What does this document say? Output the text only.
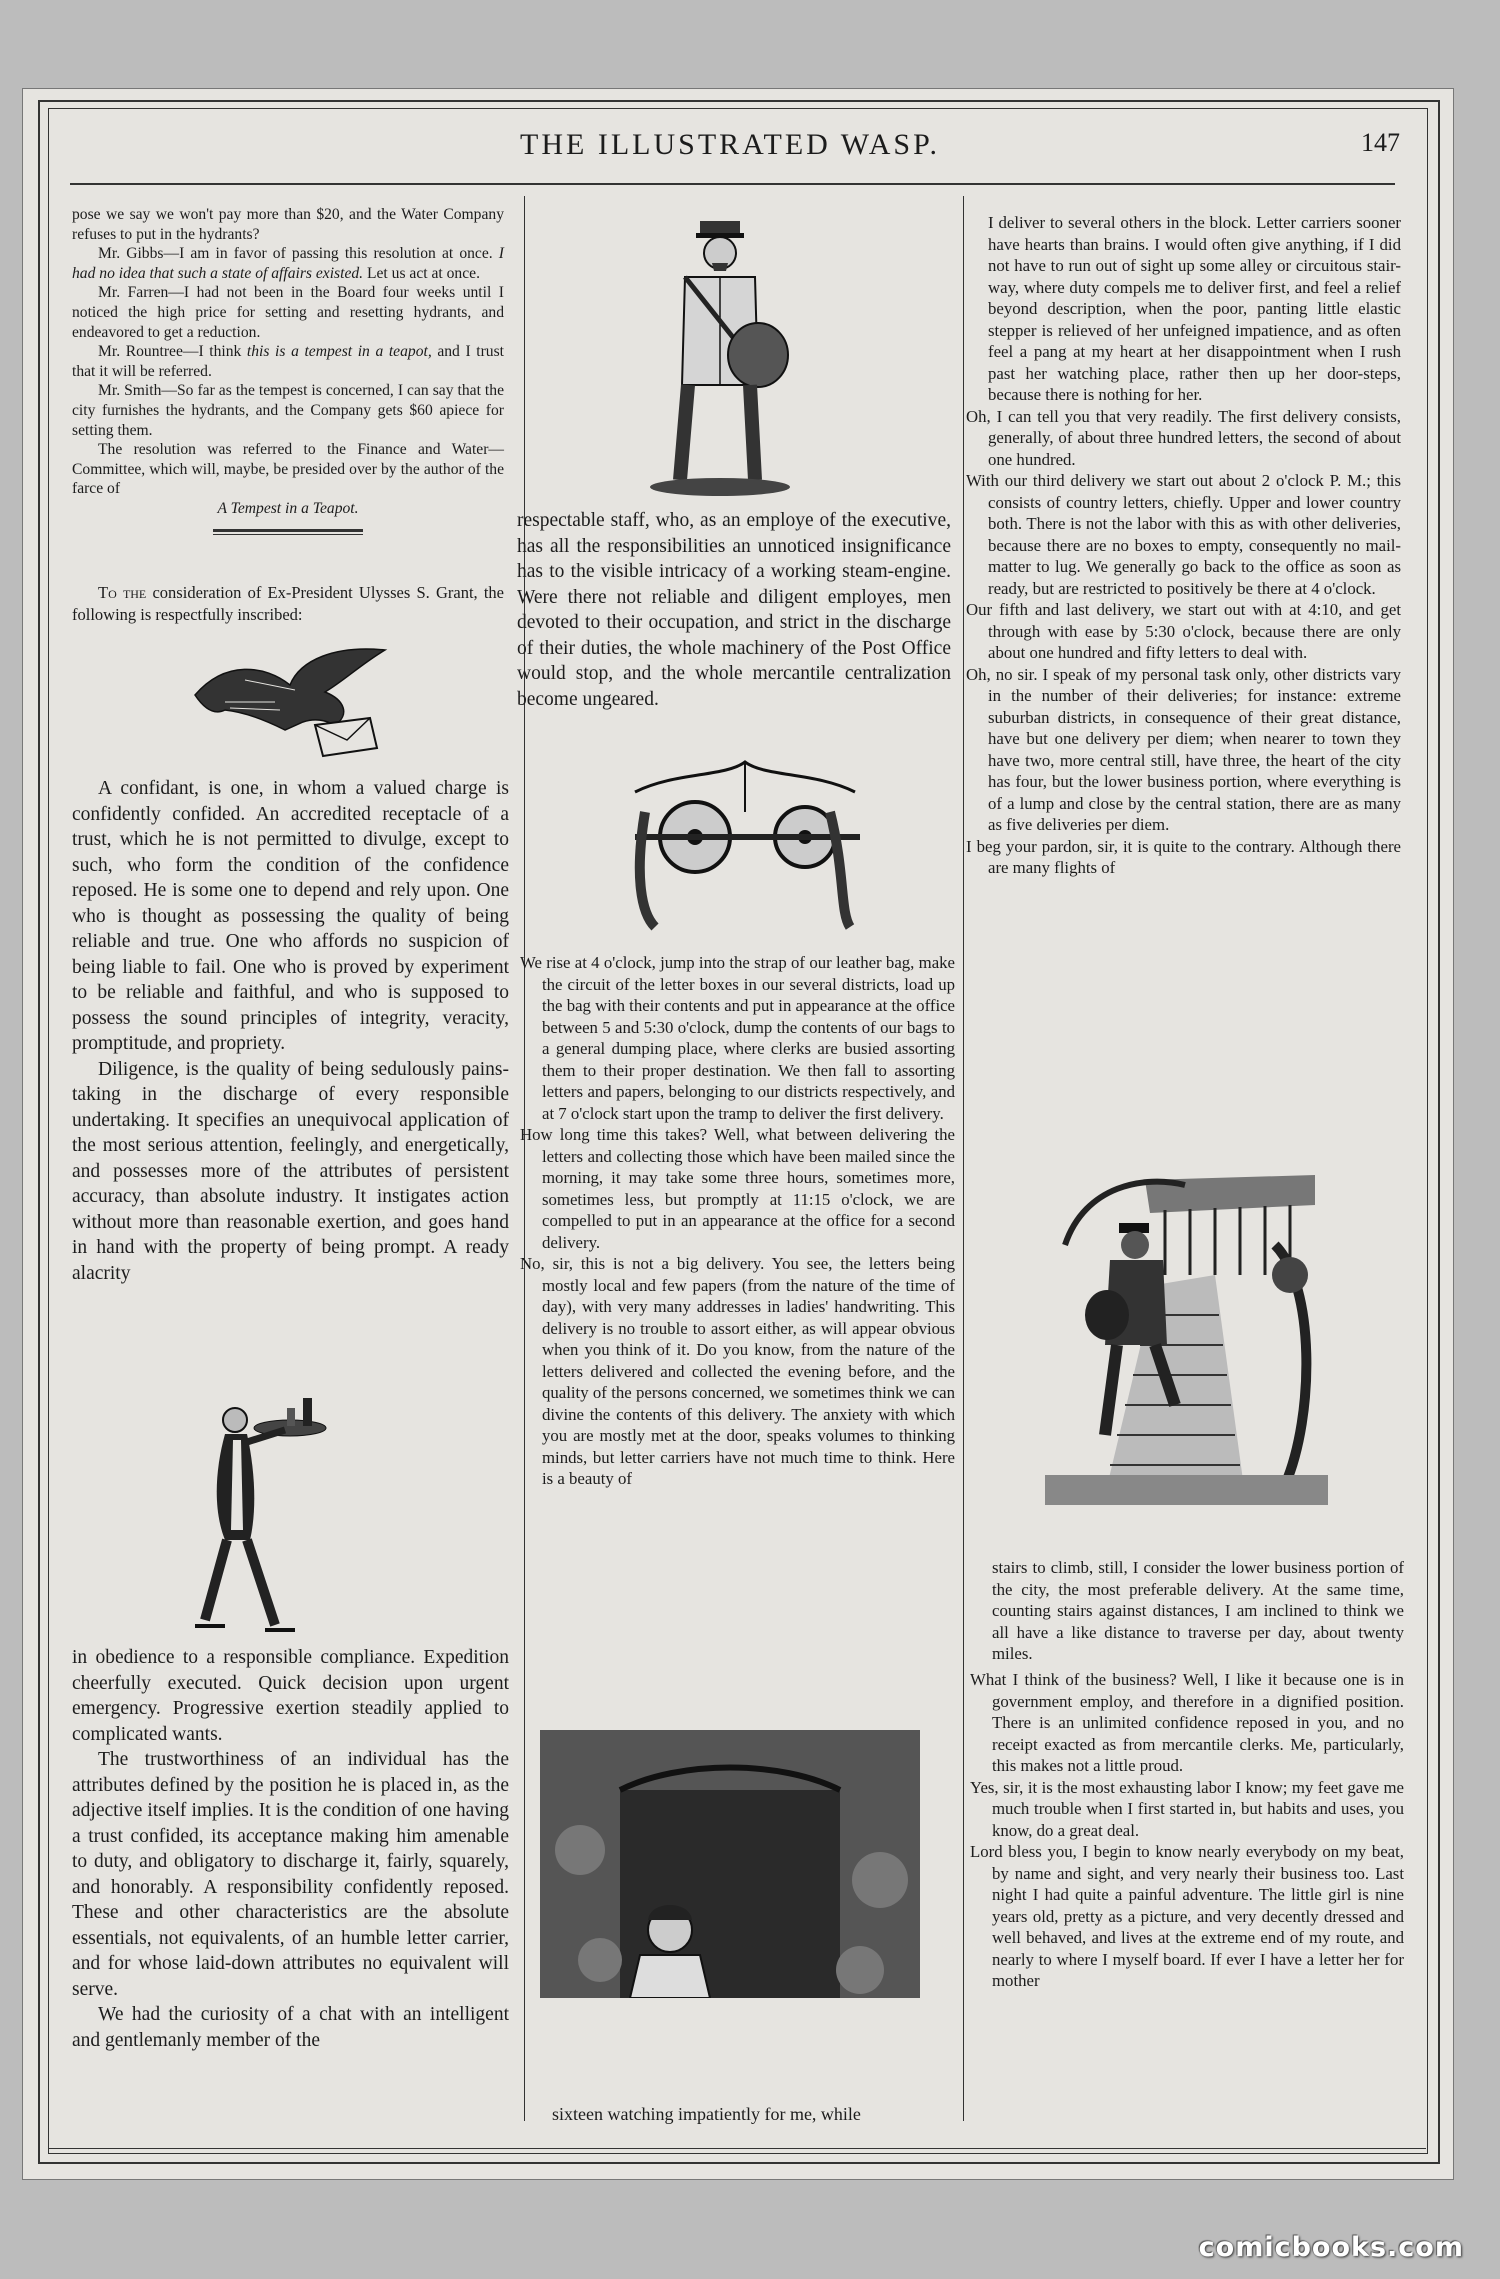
THE ILLUSTRATED WASP.	147

pose we say we won't pay more than $20, and the Water Company refuses to put in the hydrants?

Mr. Gibbs—I am in favor of passing this resolution at once. I had no idea that such a state of affairs existed. Let us act at once.

Mr. Farren—I had not been in the Board four weeks until I noticed the high price for setting and resetting hydrants, and endeavored to get a reduction.

Mr. Rountree—I think this is a tempest in a teapot, and I trust that it will be referred.

Mr. Smith—So far as the tempest is concerned, I can say that the city furnishes the hydrants, and the Company gets $60 apiece for setting them.

The resolution was referred to the Finance and Water—Committee, which will, maybe, be presided over by the author of the farce of

A Tempest in a Teapot.

To the consideration of Ex-President Ulysses S. Grant, the following is respectfully inscribed:

A confidant, is one, in whom a valued charge is confidently confided. An accredited receptacle of a trust, which he is not permitted to divulge, except to such, who form the condition of the confidence reposed. He is some one to depend and rely upon. One who is thought as possessing the quality of being reliable and true. One who affords no suspicion of being liable to fail. One who is proved by experiment to be reliable and faithful, and who is supposed to possess the sound principles of integrity, veracity, promptitude, and propriety.

Diligence, is the quality of being sedulously pains-taking in the discharge of every responsible undertaking. It specifies an unequivocal application of the most serious attention, feelingly, and energetically, and possesses more of the attributes of persistent accuracy, than absolute industry. It instigates action without more than reasonable exertion, and goes hand in hand with the property of being prompt. A ready alacrity

in obedience to a responsible compliance. Expedition cheerfully executed. Quick decision upon urgent emergency. Progressive exertion steadily applied to complicated wants.

The trustworthiness of an individual has the attributes defined by the position he is placed in, as the adjective itself implies. It is the condition of one having a trust confided, its acceptance making him amenable to duty, and obligatory to discharge it, fairly, squarely, and honorably. A responsibility confidently reposed. These and other characteristics are the absolute essentials, not equivalents, of an humble letter carrier, and for whose laid-down attributes no equivalent will serve.

We had the curiosity of a chat with an intelligent and gentlemanly member of the

respectable staff, who, as an employe of the executive, has all the responsibilities an unnoticed insignificance has to the visible intricacy of a working steam-engine. Were there not reliable and diligent employes, men devoted to their occupation, and strict in the discharge of their duties, the whole machinery of the Post Office would stop, and the whole mercantile centralization become ungeared.

We rise at 4 o'clock, jump into the strap of our leather bag, make the circuit of the letter boxes in our several districts, load up the bag with their contents and put in appearance at the office between 5 and 5:30 o'clock, dump the contents of our bags to a general dumping place, where clerks are busied assorting them to their proper destination. We then fall to assorting letters and papers, belonging to our districts respectively, and at 7 o'clock start upon the tramp to deliver the first delivery.

How long time this takes? Well, what between delivering the letters and collecting those which have been mailed since the morning, it may take some three hours, sometimes more, sometimes less, but promptly at 11:15 o'clock, we are compelled to put in an appearance at the office for a second delivery.

No, sir, this is not a big delivery. You see, the letters being mostly local and few papers (from the nature of the time of day), with very many addresses in ladies' handwriting. This delivery is no trouble to assort either, as will appear obvious when you think of it. Do you know, from the nature of the letters delivered and collected the evening before, and the quality of the persons concerned, we sometimes think we can divine the contents of this delivery. The anxiety with which you are mostly met at the door, speaks volumes to thinking minds, but letter carriers have not much time to think. Here is a beauty of

sixteen watching impatiently for me, while

I deliver to several others in the block. Letter carriers sooner have hearts than brains. I would often give anything, if I did not have to run out of sight up some alley or circuitous stair-way, where duty compels me to deliver first, and feel a relief beyond description, when the poor, panting little elastic stepper is relieved of her unfeigned impatience, and as often feel a pang at my heart at her disappointment when I rush past her watching place, rather then up her door-steps, because there is nothing for her.

Oh, I can tell you that very readily. The first delivery consists, generally, of about three hundred letters, the second of about one hundred.

With our third delivery we start out about 2 o'clock P. M.; this consists of country letters, chiefly. Upper and lower country both. There is not the labor with this as with other deliveries, because there are no boxes to empty, consequently no mail-matter to lug. We generally go back to the office as soon as ready, but are restricted to positively be there at 4 o'clock.

Our fifth and last delivery, we start out with at 4:10, and get through with ease by 5:30 o'clock, because there are only about one hundred and fifty letters to deal with.

Oh, no sir. I speak of my personal task only, other districts vary in the number of their deliveries; for instance: extreme suburban districts, in consequence of their great distance, have but one delivery per diem; when nearer to town they have two, more central still, have three, the heart of the city has four, but the lower business portion, where everything is of a lump and close by the central station, there are as many as five deliveries per diem.

I beg your pardon, sir, it is quite to the contrary. Although there are many flights of

stairs to climb, still, I consider the lower business portion of the city, the most preferable delivery. At the same time, counting stairs against distances, I am inclined to think we all have a like distance to traverse per day, about twenty miles.

What I think of the business? Well, I like it because one is in government employ, and therefore in a dignified position. There is an unlimited confidence reposed in you, and no receipt exacted as from mercantile clerks. Me, particularly, this makes not a little proud.

Yes, sir, it is the most exhausting labor I know; my feet gave me much trouble when I first started in, but habits and uses, you know, do a great deal.

Lord bless you, I begin to know nearly everybody on my beat, by name and sight, and very nearly their business too. Last night I had quite a painful adventure. The little girl is nine years old, pretty as a picture, and very decently dressed and well behaved, and lives at the extreme end of my route, and nearly to where I myself board. If ever I have a letter her for mother

comicbooks.com
